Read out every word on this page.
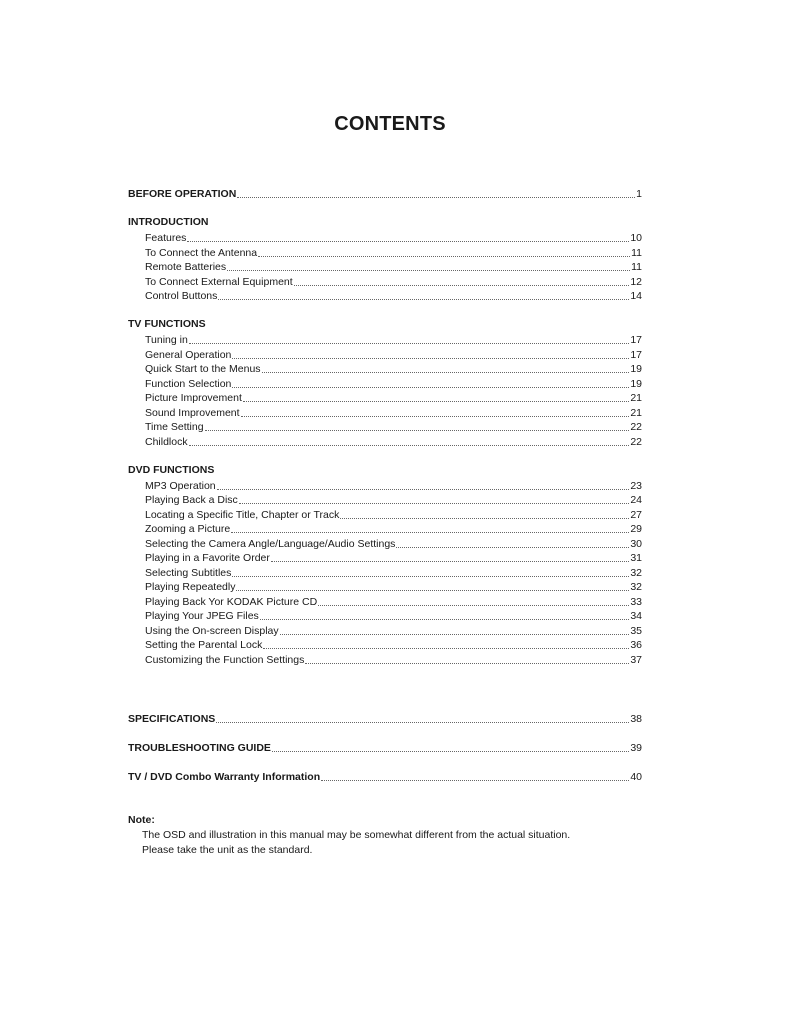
CONTENTS
BEFORE OPERATION	1
INTRODUCTION
Features	10
To Connect the Antenna	11
Remote Batteries	11
To Connect External Equipment	12
Control Buttons	14
TV FUNCTIONS
Tuning in	17
General Operation	17
Quick Start to the Menus	19
Function Selection	19
Picture Improvement	21
Sound Improvement	21
Time Setting	22
Childlock	22
DVD FUNCTIONS
MP3 Operation	23
Playing Back a Disc	24
Locating a Specific Title, Chapter or Track	27
Zooming a Picture	29
Selecting the Camera Angle/Language/Audio Settings	30
Playing in a Favorite Order	31
Selecting Subtitles	32
Playing Repeatedly	32
Playing Back Yor KODAK Picture CD	33
Playing Your JPEG Files	34
Using the On-screen Display	35
Setting the Parental Lock	36
Customizing the Function Settings	37
SPECIFICATIONS	38
TROUBLESHOOTING GUIDE	39
TV / DVD Combo Warranty Information	40
Note:
The OSD and illustration in this manual may be somewhat different from the actual situation.
Please take the unit as the standard.
